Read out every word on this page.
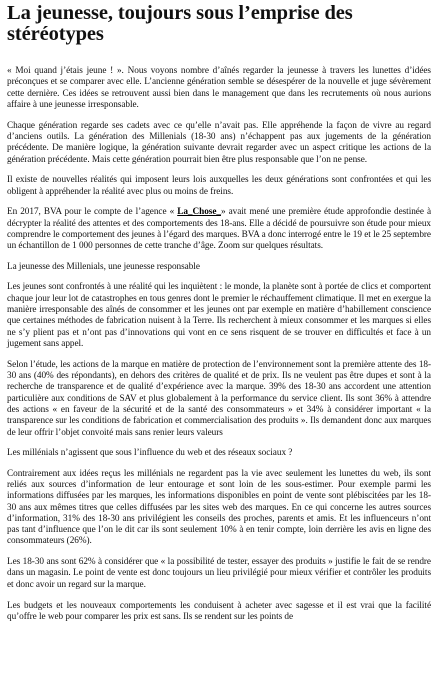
La jeunesse, toujours sous l’emprise des stéréotypes

« Moi quand j’étais jeune ! ». Nous voyons nombre d’aînés regarder la jeunesse à travers les lunettes d’idées préconçues et se comparer avec elle. L’ancienne génération semble se désespérer de la nouvelle et juge sévèrement cette dernière. Ces idées se retrouvent aussi bien dans le management que dans les recrutements où nous aurions affaire à une jeunesse irresponsable.

Chaque génération regarde ses cadets avec ce qu’elle n’avait pas. Elle appréhende la façon de vivre au regard d’anciens outils. La génération des Millenials (18-30 ans) n’échappent pas aux jugements de la génération précédente. De manière logique, la génération suivante devrait regarder avec un aspect critique les actions de la génération précédente. Mais cette génération pourrait bien être plus responsable que l’on ne pense.

Il existe de nouvelles réalités qui imposent leurs lois auxquelles les deux générations sont confrontées et qui les obligent à appréhender la réalité avec plus ou moins de freins.

En 2017, BVA pour le compte de l’agence « La_Chose_» avait mené une première étude approfondie destinée à décrypter la réalité des attentes et des comportements des 18-ans. Elle a décidé de poursuivre son étude pour mieux comprendre le comportement des jeunes à l’égard des marques. BVA a donc interrogé entre le 19 et le 25 septembre un échantillon de 1 000 personnes de cette tranche d’âge. Zoom sur quelques résultats.

La jeunesse des Millenials, une jeunesse responsable

Les jeunes sont confrontés à une réalité qui les inquiètent : le monde, la planète sont à portée de clics et comportent chaque jour leur lot de catastrophes en tous genres dont le premier le réchauffement climatique. Il met en exergue la manière irresponsable des aînés de consommer et les jeunes ont par exemple en matière d’habillement conscience que certaines méthodes de fabrication nuisent à la Terre. Ils recherchent à mieux consommer et les marques si elles ne s’y plient pas et n’ont pas d’innovations qui vont en ce sens risquent de se trouver en difficultés et face à un jugement sans appel.

Selon l’étude, les actions de la marque en matière de protection de l’environnement sont la première attente des 18-30 ans (40% des répondants), en dehors des critères de qualité et de prix. Ils ne veulent pas être dupes et sont à la recherche de transparence et de qualité d’expérience avec la marque. 39% des 18-30 ans accordent une attention particulière aux conditions de SAV et plus globalement à la performance du service client. Ils sont 36% à attendre des actions « en faveur de la sécurité et de la santé des consommateurs » et 34% à considérer important « la transparence sur les conditions de fabrication et commercialisation des produits ». Ils demandent donc aux marques de leur offrir l’objet convoité mais sans renier leurs valeurs

Les millénials n’agissent que sous l’influence du web et des réseaux sociaux ?

Contrairement aux idées reçus les millénials ne regardent pas la vie avec seulement les lunettes du web, ils sont reliés aux sources d’information de leur entourage et sont loin de les sous-estimer. Pour exemple parmi les informations diffusées par les marques, les informations disponibles en point de vente sont plébiscitées par les 18-30 ans aux mêmes titres que celles diffusées par les sites web des marques. En ce qui concerne les autres sources d’information, 31% des 18-30 ans privilégient les conseils des proches, parents et amis. Et les influenceurs n’ont pas tant d’influence que l’on le dit car ils sont seulement 10% à en tenir compte, loin derrière les avis en ligne des consommateurs (26%).

Les 18-30 ans sont 62% à considérer que « la possibilité de tester, essayer des produits » justifie le fait de se rendre dans un magasin. Le point de vente est donc toujours un lieu privilégié pour mieux vérifier et contrôler les produits et donc avoir un regard sur la marque.

Les budgets et les nouveaux comportements les conduisent à acheter avec sagesse et il est vrai que la facilité qu’offre le web pour comparer les prix est sans. Ils se rendent sur les points de
